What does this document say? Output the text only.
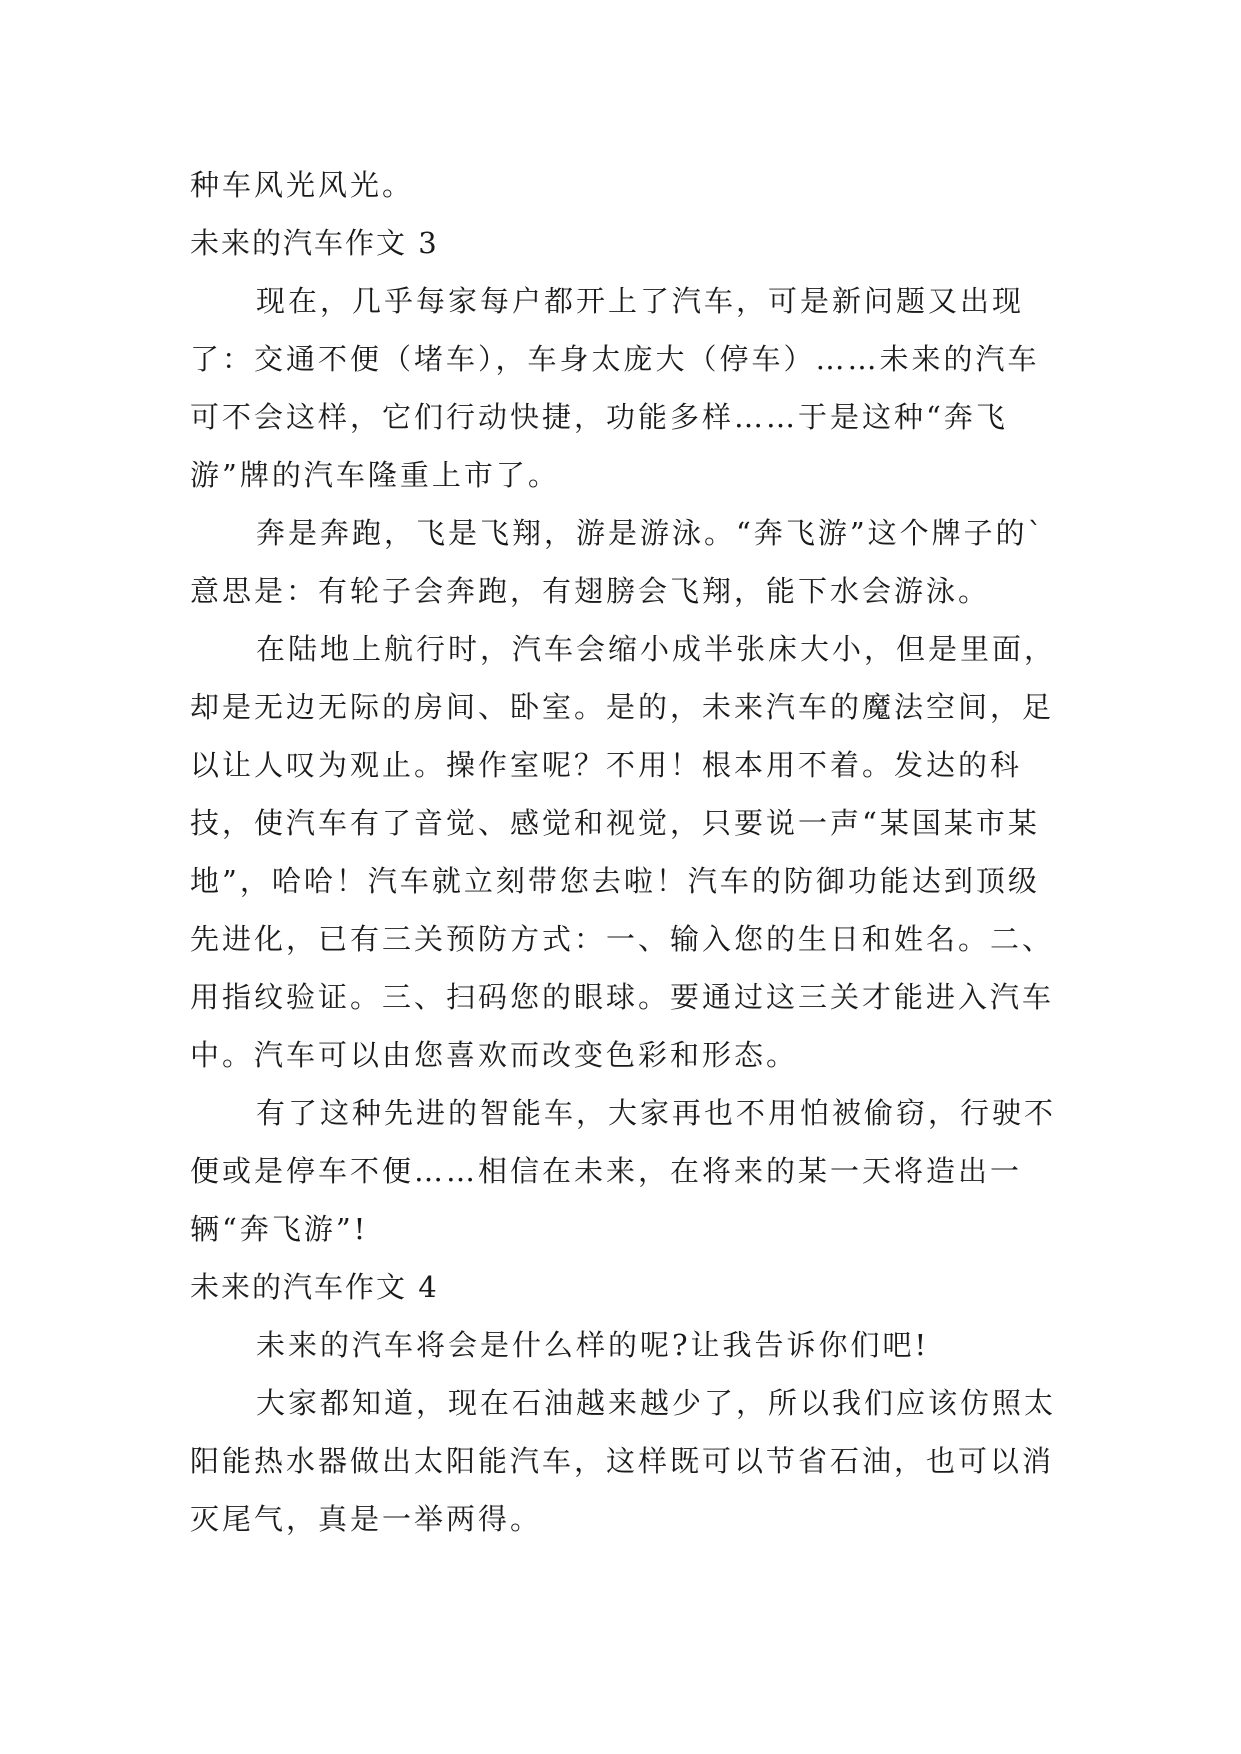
种车风光风光。

未来的汽车作文 3

现在，几乎每家每户都开上了汽车，可是新问题又出现了：交通不便（堵车），车身太庞大（停车）……未来的汽车可不会这样，它们行动快捷，功能多样……于是这种“奔飞游”牌的汽车隆重上市了。

奔是奔跑，飞是飞翔，游是游泳。“奔飞游”这个牌子的`意思是：有轮子会奔跑，有翅膀会飞翔，能下水会游泳。

在陆地上航行时，汽车会缩小成半张床大小，但是里面，却是无边无际的房间、卧室。是的，未来汽车的魔法空间，足以让人叹为观止。操作室呢？不用！根本用不着。发达的科技，使汽车有了音觉、感觉和视觉，只要说一声“某国某市某地”，哈哈！汽车就立刻带您去啦！汽车的防御功能达到顶级先进化，已有三关预防方式：一、输入您的生日和姓名。二、用指纹验证。三、扫码您的眼球。要通过这三关才能进入汽车中。汽车可以由您喜欢而改变色彩和形态。

有了这种先进的智能车，大家再也不用怕被偷窃，行驶不便或是停车不便……相信在未来，在将来的某一天将造出一辆“奔飞游”!

未来的汽车作文 4

未来的汽车将会是什么样的呢?让我告诉你们吧!

大家都知道，现在石油越来越少了，所以我们应该仿照太阳能热水器做出太阳能汽车，这样既可以节省石油，也可以消灭尾气，真是一举两得。
